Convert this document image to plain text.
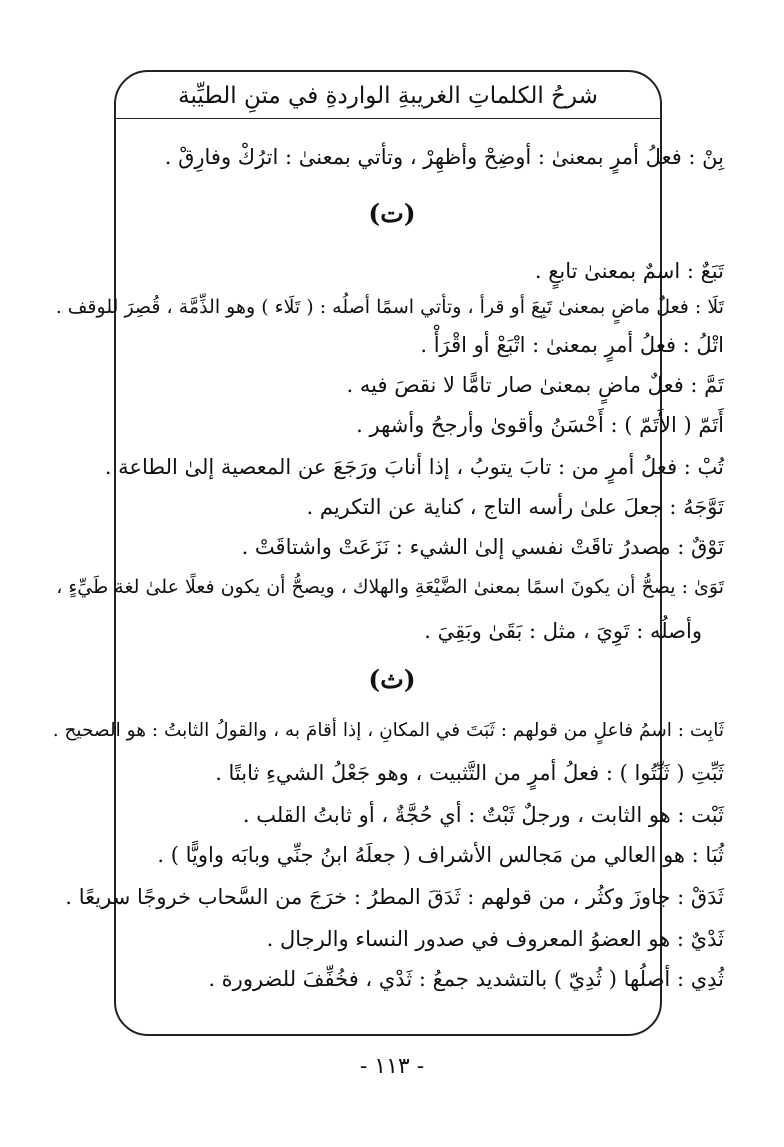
شرحُ الكلماتِ الغريبةِ الواردةِ في متنِ الطيِّبة
بِنْ : فعلُ أمرٍ بمعنىٰ : أوضِحْ وأظهِرْ ، وتأتي بمعنىٰ : اترُكْ وفارِقْ .
(ت)
تَبَعٌ : اسمٌ بمعنىٰ تابعٍ .
تَلَا : فعلٌ ماضٍ بمعنىٰ تَبِعَ أو قرأ ، وتأتي اسمًا أصلُه : ( تَلَاء ) وهو الذِّمَّة ، قُصِرَ للوقف .
اتْلُ : فعلُ أمرٍ بمعنىٰ : اتْبَعْ أو اقْرَأْ .
تَمَّ : فعلٌ ماضٍ بمعنىٰ صار تامًّا لا نقصَ فيه .
أَتَمّ ( الأَتَمّ ) : أَحْسَنُ وأقوىٰ وأرجحُ وأشهر .
تُبْ : فعلُ أمرٍ من : تابَ يتوبُ ، إذا أنابَ ورَجَعَ عن المعصية إلىٰ الطاعة .
تَوَّجَهُ : جعلَ علىٰ رأسه التاج ، كناية عن التكريم .
تَوْقٌ : مصدرُ تاقَتْ نفسي إلىٰ الشيء : نَزَعَتْ واشتاقَتْ .
تَوَىٰ : يصحُّ أن يكونَ اسمًا بمعنىٰ الضَّيْعَةِ والهلاك ، ويصحُّ أن يكون فعلًا علىٰ لغة طَيِّءٍ ،
وأصلُه : تَوِيَ ، مثل : بَقَىٰ وبَقِيَ .
(ث)
ثَابِت : اسمُ فاعلٍ من قولهم : ثَبَتَ في المكانِ ، إذا أقامَ به ، والقولُ الثابتُ : هو الصحيح .
ثَبِّتِ ( ثَبِّتُوا ) : فعلُ أمرٍ من التَّثبيت ، وهو جَعْلُ الشيءِ ثابتًا .
ثَبْت : هو الثابت ، ورجلٌ ثَبْتٌ : أي حُجَّةٌ ، أو ثابتُ القلب .
ثُبَا : هو العالي من مَجالس الأشراف ( جعلَهُ ابنُ جنِّي وبابَه واويًّا ) .
ثَدَقْ : جاوزَ وكثُر ، من قولهم : ثَدَقَ المطرُ : خرَجَ من السَّحاب خروجًا سريعًا .
ثَدْيٌ : هو العضوُ المعروف في صدور النساء والرجال .
ثُدِي : أصلُها ( ثُدِيّ ) بالتشديد جمعُ : ثَدْي ، فخُفِّفَ للضرورة .
- ١١٣ -
